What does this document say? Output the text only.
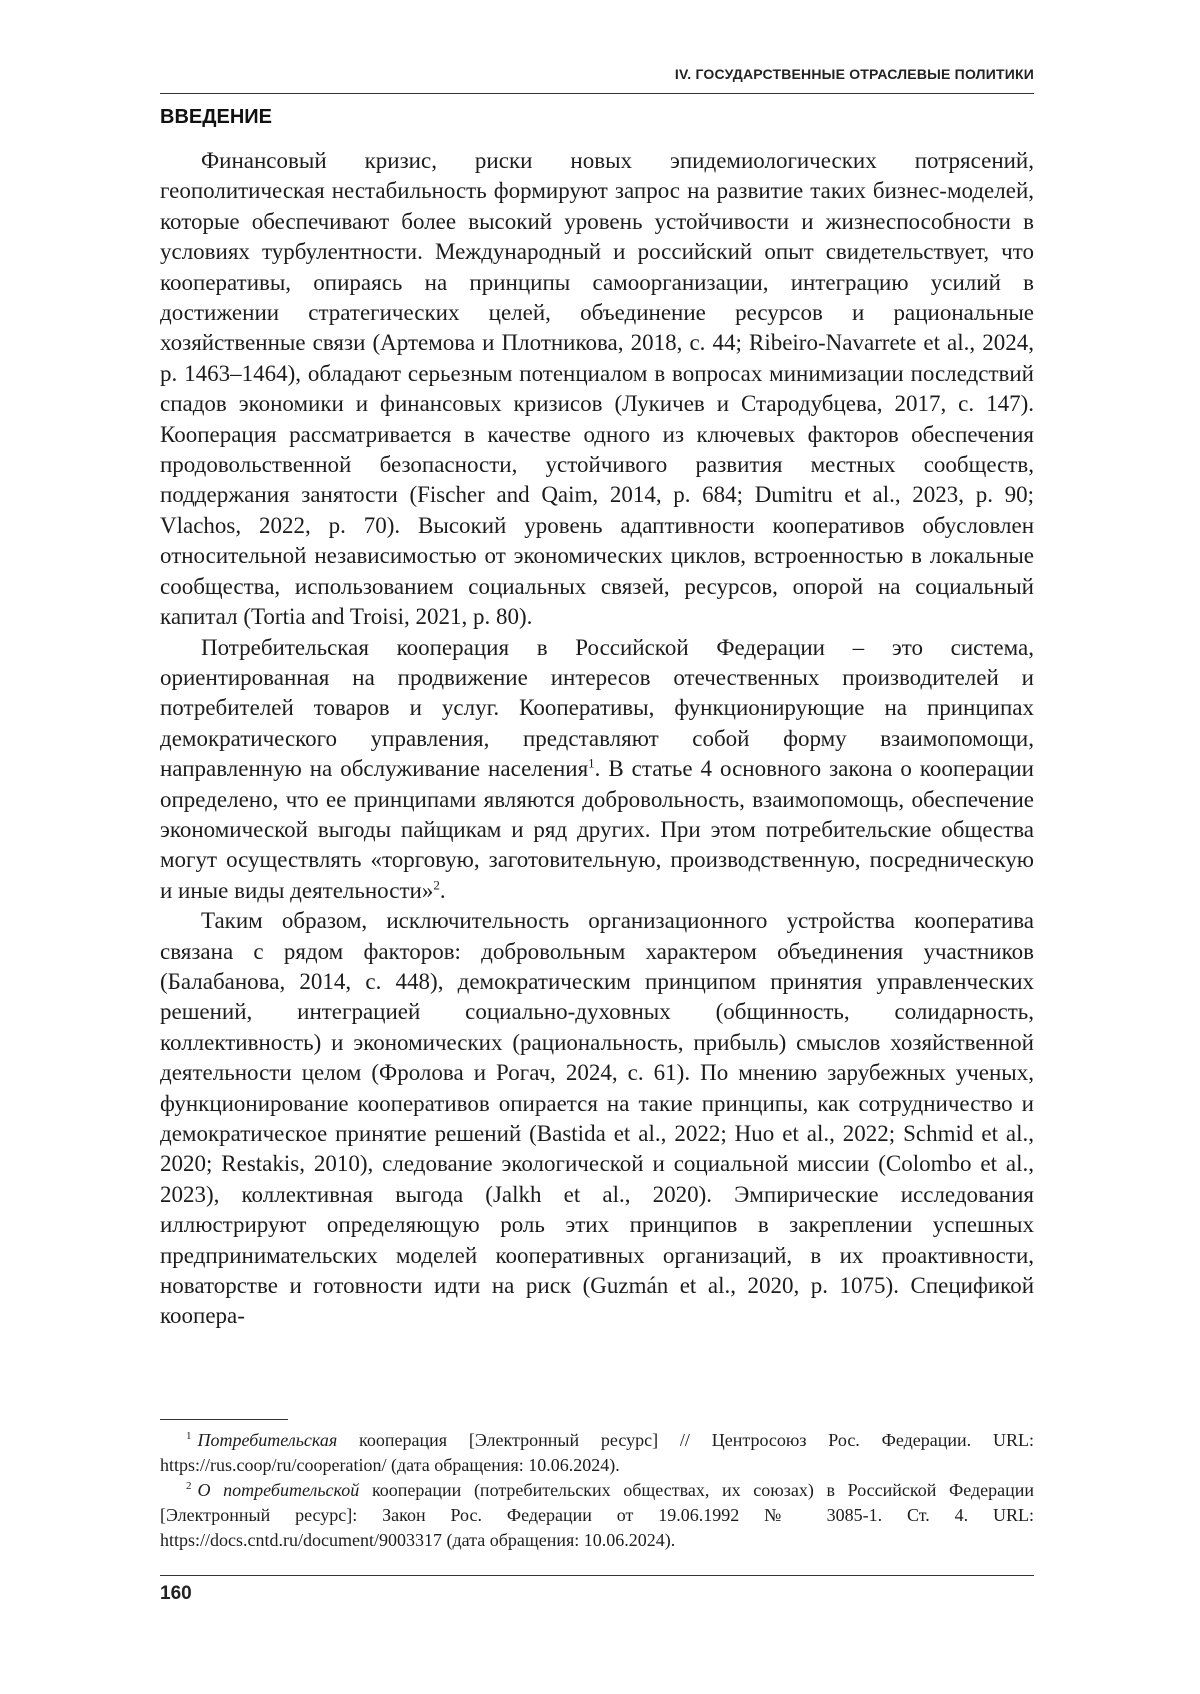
IV. ГОСУДАРСТВЕННЫЕ ОТРАСЛЕВЫЕ ПОЛИТИКИ
ВВЕДЕНИЕ

Финансовый кризис, риски новых эпидемиологических потрясений, геополитическая нестабильность формируют запрос на развитие таких бизнес-моделей, которые обеспечивают более высокий уровень устойчивости и жизнеспособности в условиях турбулентности. Международный и российский опыт свидетельствует, что кооперативы, опираясь на принципы самоорганизации, интеграцию усилий в достижении стратегических целей, объединение ресурсов и рациональные хозяйственные связи (Артемова и Плотникова, 2018, с. 44; Ribeiro-Navarrete et al., 2024, p. 1463–1464), обладают серьезным потенциалом в вопросах минимизации последствий спадов экономики и финансовых кризисов (Лукичев и Стародубцева, 2017, с. 147). Кооперация рассматривается в качестве одного из ключевых факторов обеспечения продовольственной безопасности, устойчивого развития местных сообществ, поддержания занятости (Fischer and Qaim, 2014, p. 684; Dumitru et al., 2023, p. 90; Vlachos, 2022, p. 70). Высокий уровень адаптивности кооперативов обусловлен относительной независимостью от экономических циклов, встроенностью в локальные сообщества, использованием социальных связей, ресурсов, опорой на социальный капитал (Tortia and Troisi, 2021, p. 80).

Потребительская кооперация в Российской Федерации – это система, ориентированная на продвижение интересов отечественных производителей и потребителей товаров и услуг. Кооперативы, функционирующие на принципах демократического управления, представляют собой форму взаимопомощи, направленную на обслуживание населения$^1$. В статье 4 основного закона о кооперации определено, что ее принципами являются добровольность, взаимопомощь, обеспечение экономической выгоды пайщикам и ряд других. При этом потребительские общества могут осуществлять «торговую, заготовительную, производственную, посредническую и иные виды деятельности»$^2$.

Таким образом, исключительность организационного устройства кооператива связана с рядом факторов: добровольным характером объединения участников (Балабанова, 2014, с. 448), демократическим принципом принятия управленческих решений, интеграцией социально-духовных (общинность, солидарность, коллективность) и экономических (рациональность, прибыль) смыслов хозяйственной деятельности целом (Фролова и Рогач, 2024, с. 61). По мнению зарубежных ученых, функционирование кооперативов опирается на такие принципы, как сотрудничество и демократическое принятие решений (Bastida et al., 2022; Huo et al., 2022; Schmid et al., 2020; Restakis, 2010), следование экологической и социальной миссии (Colombo et al., 2023), коллективная выгода (Jalkh et al., 2020). Эмпирические исследования иллюстрируют определяющую роль этих принципов в закреплении успешных предпринимательских моделей кооперативных организаций, в их проактивности, новаторстве и готовности идти на риск (Guzmán et al., 2020, p. 1075). Спецификой коопера-

$^1$ Потребительская кооперация [Электронный ресурс] // Центросоюз Рос. Федерации. URL: https://rus.coop/ru/cooperation/ (дата обращения: 10.06.2024).

$^2$ О потребительской кооперации (потребительских обществах, их союзах) в Российской Федерации [Электронный ресурс]: Закон Рос. Федерации от 19.06.1992 № 3085-1. Ст. 4. URL: https://docs.cntd.ru/document/9003317 (дата обращения: 10.06.2024).

160
